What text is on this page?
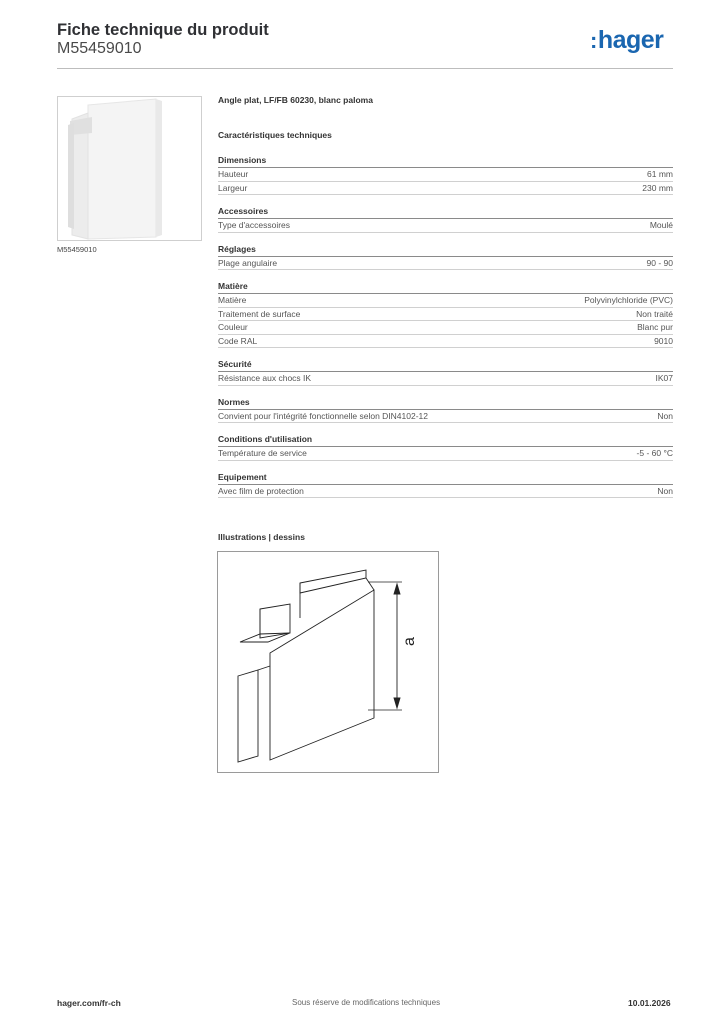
Fiche technique du produit
M55459010	:hager
M55459010
Angle plat, LF/FB 60230, blanc paloma
Caractéristiques techniques
Dimensions
Hauteur	61 mm
Largeur	230 mm
Accessoires
Type d'accessoires	Moulé
Réglages
Plage angulaire	90 - 90
Matière
Matière	Polyvinylchloride (PVC)
Traitement de surface	Non traité
Couleur	Blanc pur
Code RAL	9010
Sécurité
Résistance aux chocs IK	IK07
Normes
Convient pour l'intégrité fonctionnelle selon DIN4102-12	Non
Conditions d'utilisation
Température de service	-5 - 60 °C
Equipement
Avec film de protection	Non
Illustrations | dessins
a
hager.com/fr-ch	Sous réserve de modifications techniques	10.01.2026
